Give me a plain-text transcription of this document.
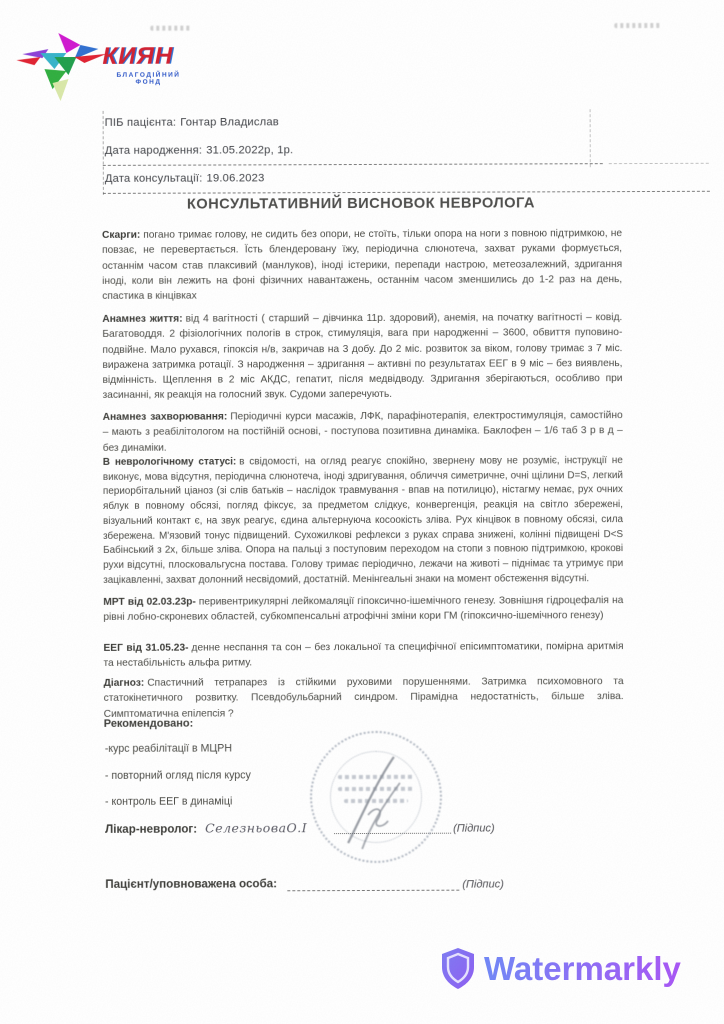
КИЯН
БЛАГОДІЙНИЙ ФОНД
ПІБ пацієнта: Гонтар Владислав
Дата народження: 31.05.2022р, 1р.
Дата консультації: 19.06.2023
КОНСУЛЬТАТИВНИЙ ВИСНОВОК НЕВРОЛОГА
Скарги: погано тримає голову, не сидить без опори, не стоїть, тільки опора на ноги з повною підтримкою, не повзає, не перевертається. Їсть блендеровану їжу, періодична слюнотеча, захват руками формується, останнім часом став плаксивий (манлуков), іноді істерики, перепади настрою, метеозалежний, здригання іноді, коли він лежить на фоні фізичних навантажень, останнім часом зменшились до 1-2 раз на день, спастика в кінцівках
Анамнез життя: від 4 вагітності ( старший – дівчинка 11р. здоровий), анемія, на початку вагітності – ковід. Багатоводдя. 2 фізіологічних пологів в строк, стимуляція, вага при народженні – 3600, обвиття пуповино- подвійне. Мало рухався, гіпоксія н/в, закричав на 3 добу. До 2 міс. розвиток за віком, голову тримає з 7 міс. виражена затримка ротації. З народження – здригання – активні по результатах ЕЕГ в 9 міс – без виявлень, відмінність. Щеплення в 2 міс АКДС, гепатит, після медвідводу. Здригання зберігаються, особливо при засинанні, як реакція на голосний звук. Судоми заперечують.
Анамнез захворювання: Періодичні курси масажів, ЛФК, парафінотерапія, електростимуляція, самостійно – мають з реабілітологом на постійній основі, - поступова позитивна динаміка. Баклофен – 1/6 таб 3 р в д – без динаміки.
В неврологічному статусі: в свідомості, на огляд реагує спокійно, звернену мову не розуміє, інструкції не виконує, мова відсутня, періодична слюнотеча, іноді здригування, обличчя симетричне, очні щілини D=S, легкий периорбітальний ціаноз (зі слів батьків – наслідок травмування - впав на потилицю), ністагму немає, рух очних яблук в повному обсязі, погляд фіксує, за предметом слідкує, конвергенція, реакція на світло збережені, візуальний контакт є, на звук реагує, єдина альтернуюча косоокість зліва. Рух кінцівок в повному обсязі, сила збережена. М'язовий тонус підвищений. Сухожилкові рефлекси з руках справа знижені, колінні підвищені D<S Бабінський з 2х, більше зліва. Опора на пальці з поступовим переходом на стопи з повною підтримкою, крокові рухи відсутні, плосковальгусна постава. Голову тримає періодично, лежачи на животі – піднімає та утримує при зацікавленні, захват долонний несвідомий, достатній. Менінгеальні знаки на момент обстеження відсутні.
МРТ від 02.03.23р- перивентрикулярні лейкомаляції гіпоксично-ішемічного генезу. Зовнішня гідроцефалія на рівні лобно-скроневих областей, субкомпенсальні атрофічні зміни кори ГМ (гіпоксично-ішемічного генезу)
ЕЕГ від 31.05.23- денне неспання та сон – без локальної та специфічної епісимптоматики, помірна аритмія та нестабільність альфа ритму.
Діагноз: Спастичний тетрапарез із стійкими руховими порушеннями. Затримка психомовного та статокінетичного розвитку. Псевдобульбарний синдром. Пірамідна недостатність, більше зліва. Симптоматична епілепсія ?
Рекомендовано:
-курс реабілітації в МЦРН
- повторний огляд після курсу
- контроль ЕЕГ в динаміці
Лікар-невролог: СелезньоваО.І	(Підпис)
Пацієнт/уповноважена особа:	(Підпис)
Watermarkly
